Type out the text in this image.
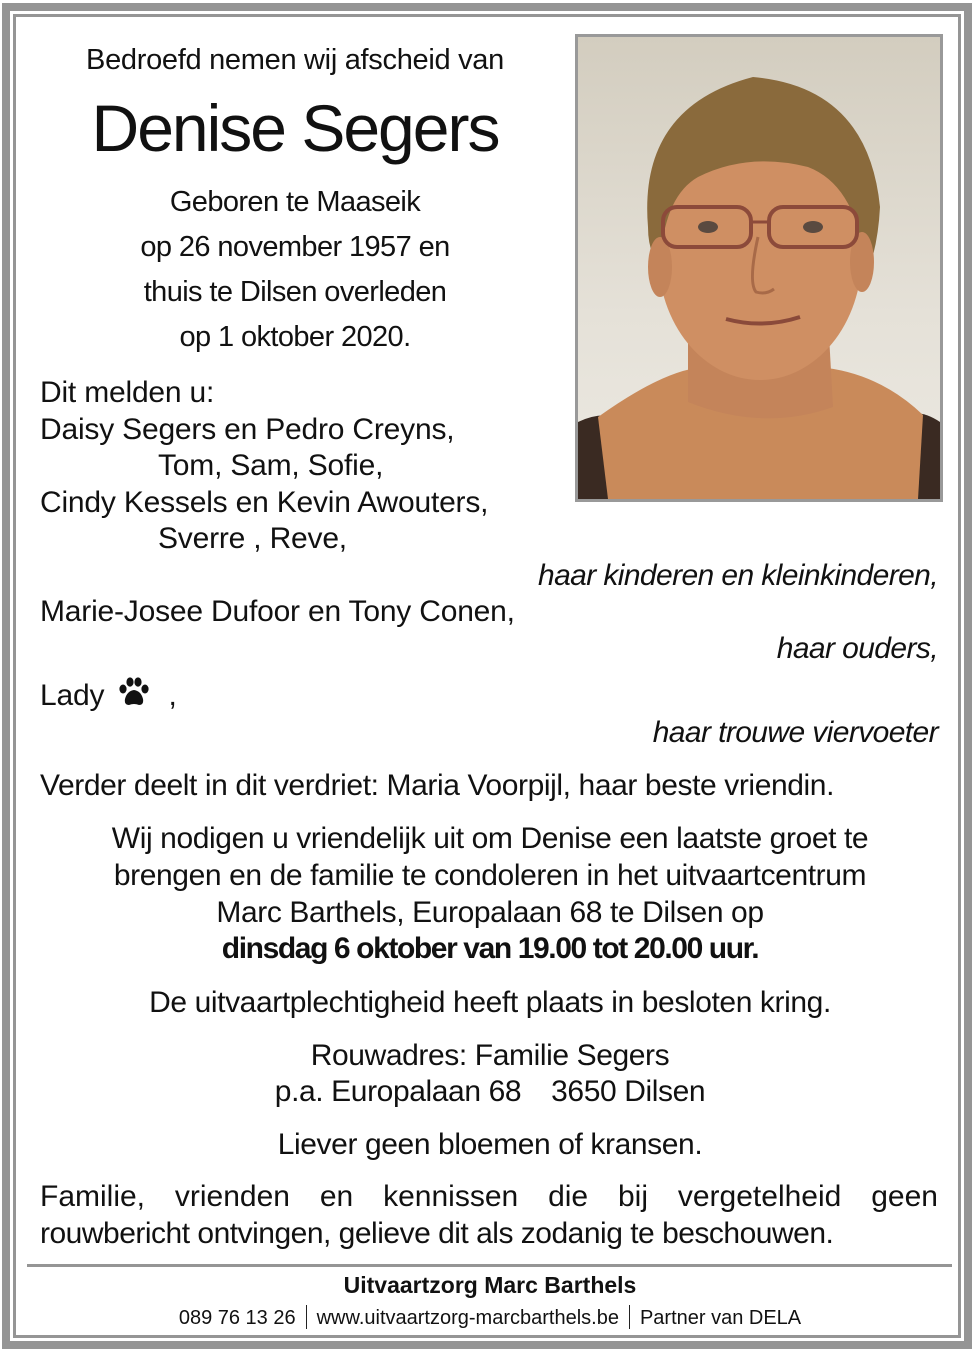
Bedroefd nemen wij afscheid van
Denise Segers
Geboren te Maaseik
op 26 november 1957 en
thuis te Dilsen overleden
op 1 oktober 2020.
Dit melden u:
Daisy Segers en Pedro Creyns,
Tom, Sam, Sofie,
Cindy Kessels en Kevin Awouters,
Sverre , Reve,
haar kinderen en kleinkinderen,
Marie-Josee Dufoor en Tony Conen,
haar ouders,
Lady ,
haar trouwe viervoeter
Verder deelt in dit verdriet: Maria Voorpijl, haar beste vriendin.
Wij nodigen u vriendelijk uit om Denise een laatste groet te
brengen en de familie te condoleren in het uitvaartcentrum
Marc Barthels, Europalaan 68 te Dilsen op
dinsdag 6 oktober van 19.00 tot 20.00 uur.
De uitvaartplechtigheid heeft plaats in besloten kring.
Rouwadres: Familie Segers
p.a. Europalaan 68 3650 Dilsen
Liever geen bloemen of kransen.
Familie, vrienden en kennissen die bij vergetelheid geen
rouwbericht ontvingen, gelieve dit als zodanig te beschouwen.
Uitvaartzorg Marc Barthels
089 76 13 26 www.uitvaartzorg-marcbarthels.be Partner van DELA
